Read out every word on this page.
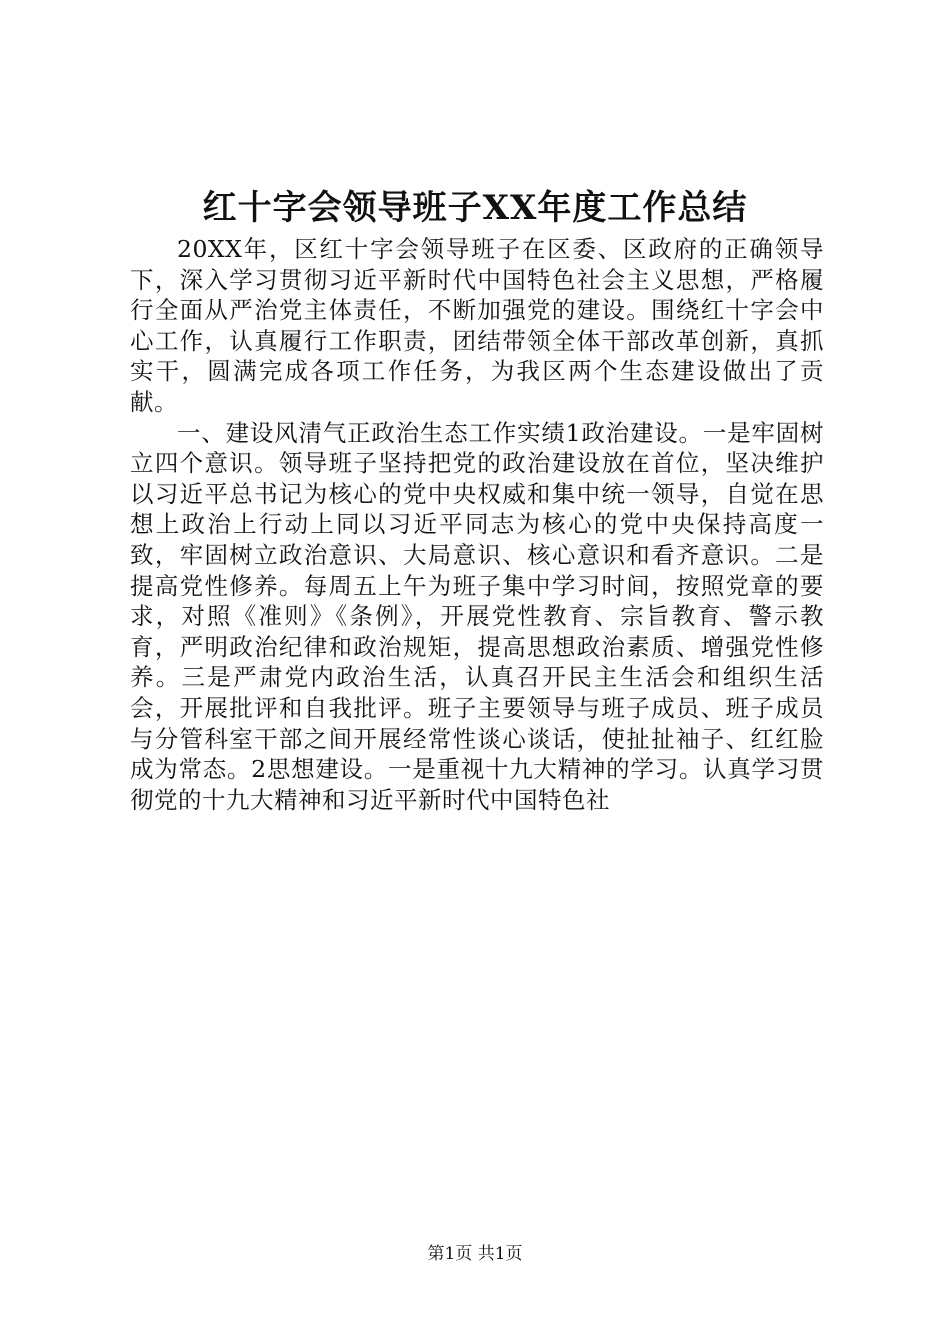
红十字会领导班子XX年度工作总结

20XX年，区红十字会领导班子在区委、区政府的正确领导下，深入学习贯彻习近平新时代中国特色社会主义思想，严格履行全面从严治党主体责任，不断加强党的建设。围绕红十字会中心工作，认真履行工作职责，团结带领全体干部改革创新，真抓实干，圆满完成各项工作任务，为我区两个生态建设做出了贡献。

一、建设风清气正政治生态工作实绩1政治建设。一是牢固树立四个意识。领导班子坚持把党的政治建设放在首位，坚决维护以习近平总书记为核心的党中央权威和集中统一领导，自觉在思想上政治上行动上同以习近平同志为核心的党中央保持高度一致，牢固树立政治意识、大局意识、核心意识和看齐意识。二是提高党性修养。每周五上午为班子集中学习时间，按照党章的要求，对照《准则》《条例》，开展党性教育、宗旨教育、警示教育，严明政治纪律和政治规矩，提高思想政治素质、增强党性修养。三是严肃党内政治生活，认真召开民主生活会和组织生活会，开展批评和自我批评。班子主要领导与班子成员、班子成员与分管科室干部之间开展经常性谈心谈话，使扯扯袖子、红红脸成为常态。2思想建设。一是重视十九大精神的学习。认真学习贯彻党的十九大精神和习近平新时代中国特色社

第1页 共1页
